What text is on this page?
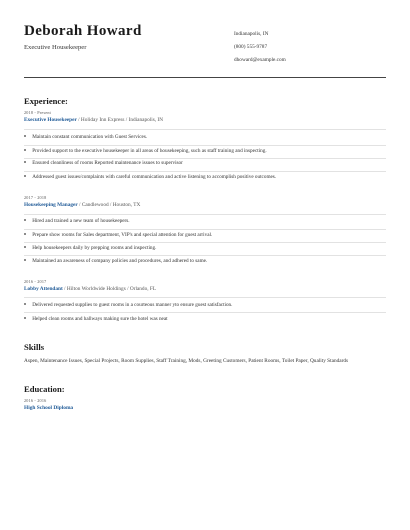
Deborah Howard
Executive Housekeeper
Indianapolis, IN
(800) 555-9787
dhoward@example.com
Experience:
2018 - Present
Executive Housekeeper / Holiday Inn Express / Indianapolis, IN
Maintain constant communication with Guest Services.
Provided support to the executive housekeeper in all areas of housekeeping, such as staff training and inspecting.
Ensured cleanliness of rooms Reported maintenance issues to supervisor
Addressed guest issues/complaints with careful communication and active listening to accomplish positive outcomes.
2017 - 2018
Housekeeping Manager / Candlewood / Houston, TX
Hired and trained a new team of housekeepers.
Prepare show rooms for Sales department, VIP's and special attention for guest arrival.
Help housekeepers daily by prepping rooms and inspecting.
Maintained an awareness of company policies and procedures, and adhered to same.
2016 - 2017
Lobby Attendant / Hilton Worldwide Holdings / Orlando, FL
Delivered requested supplies to guest rooms in a courteous manner yto ensure guest satisfaction.
Helped clean rooms and hallways making sure the hotel was neat
Skills
Aspen, Maintenance Issues, Special Projects, Room Supplies, Staff Training, Mods, Greeting Customers, Patient Rooms, Toilet Paper, Quality Standards
Education:
2016 - 2016
High School Diploma
